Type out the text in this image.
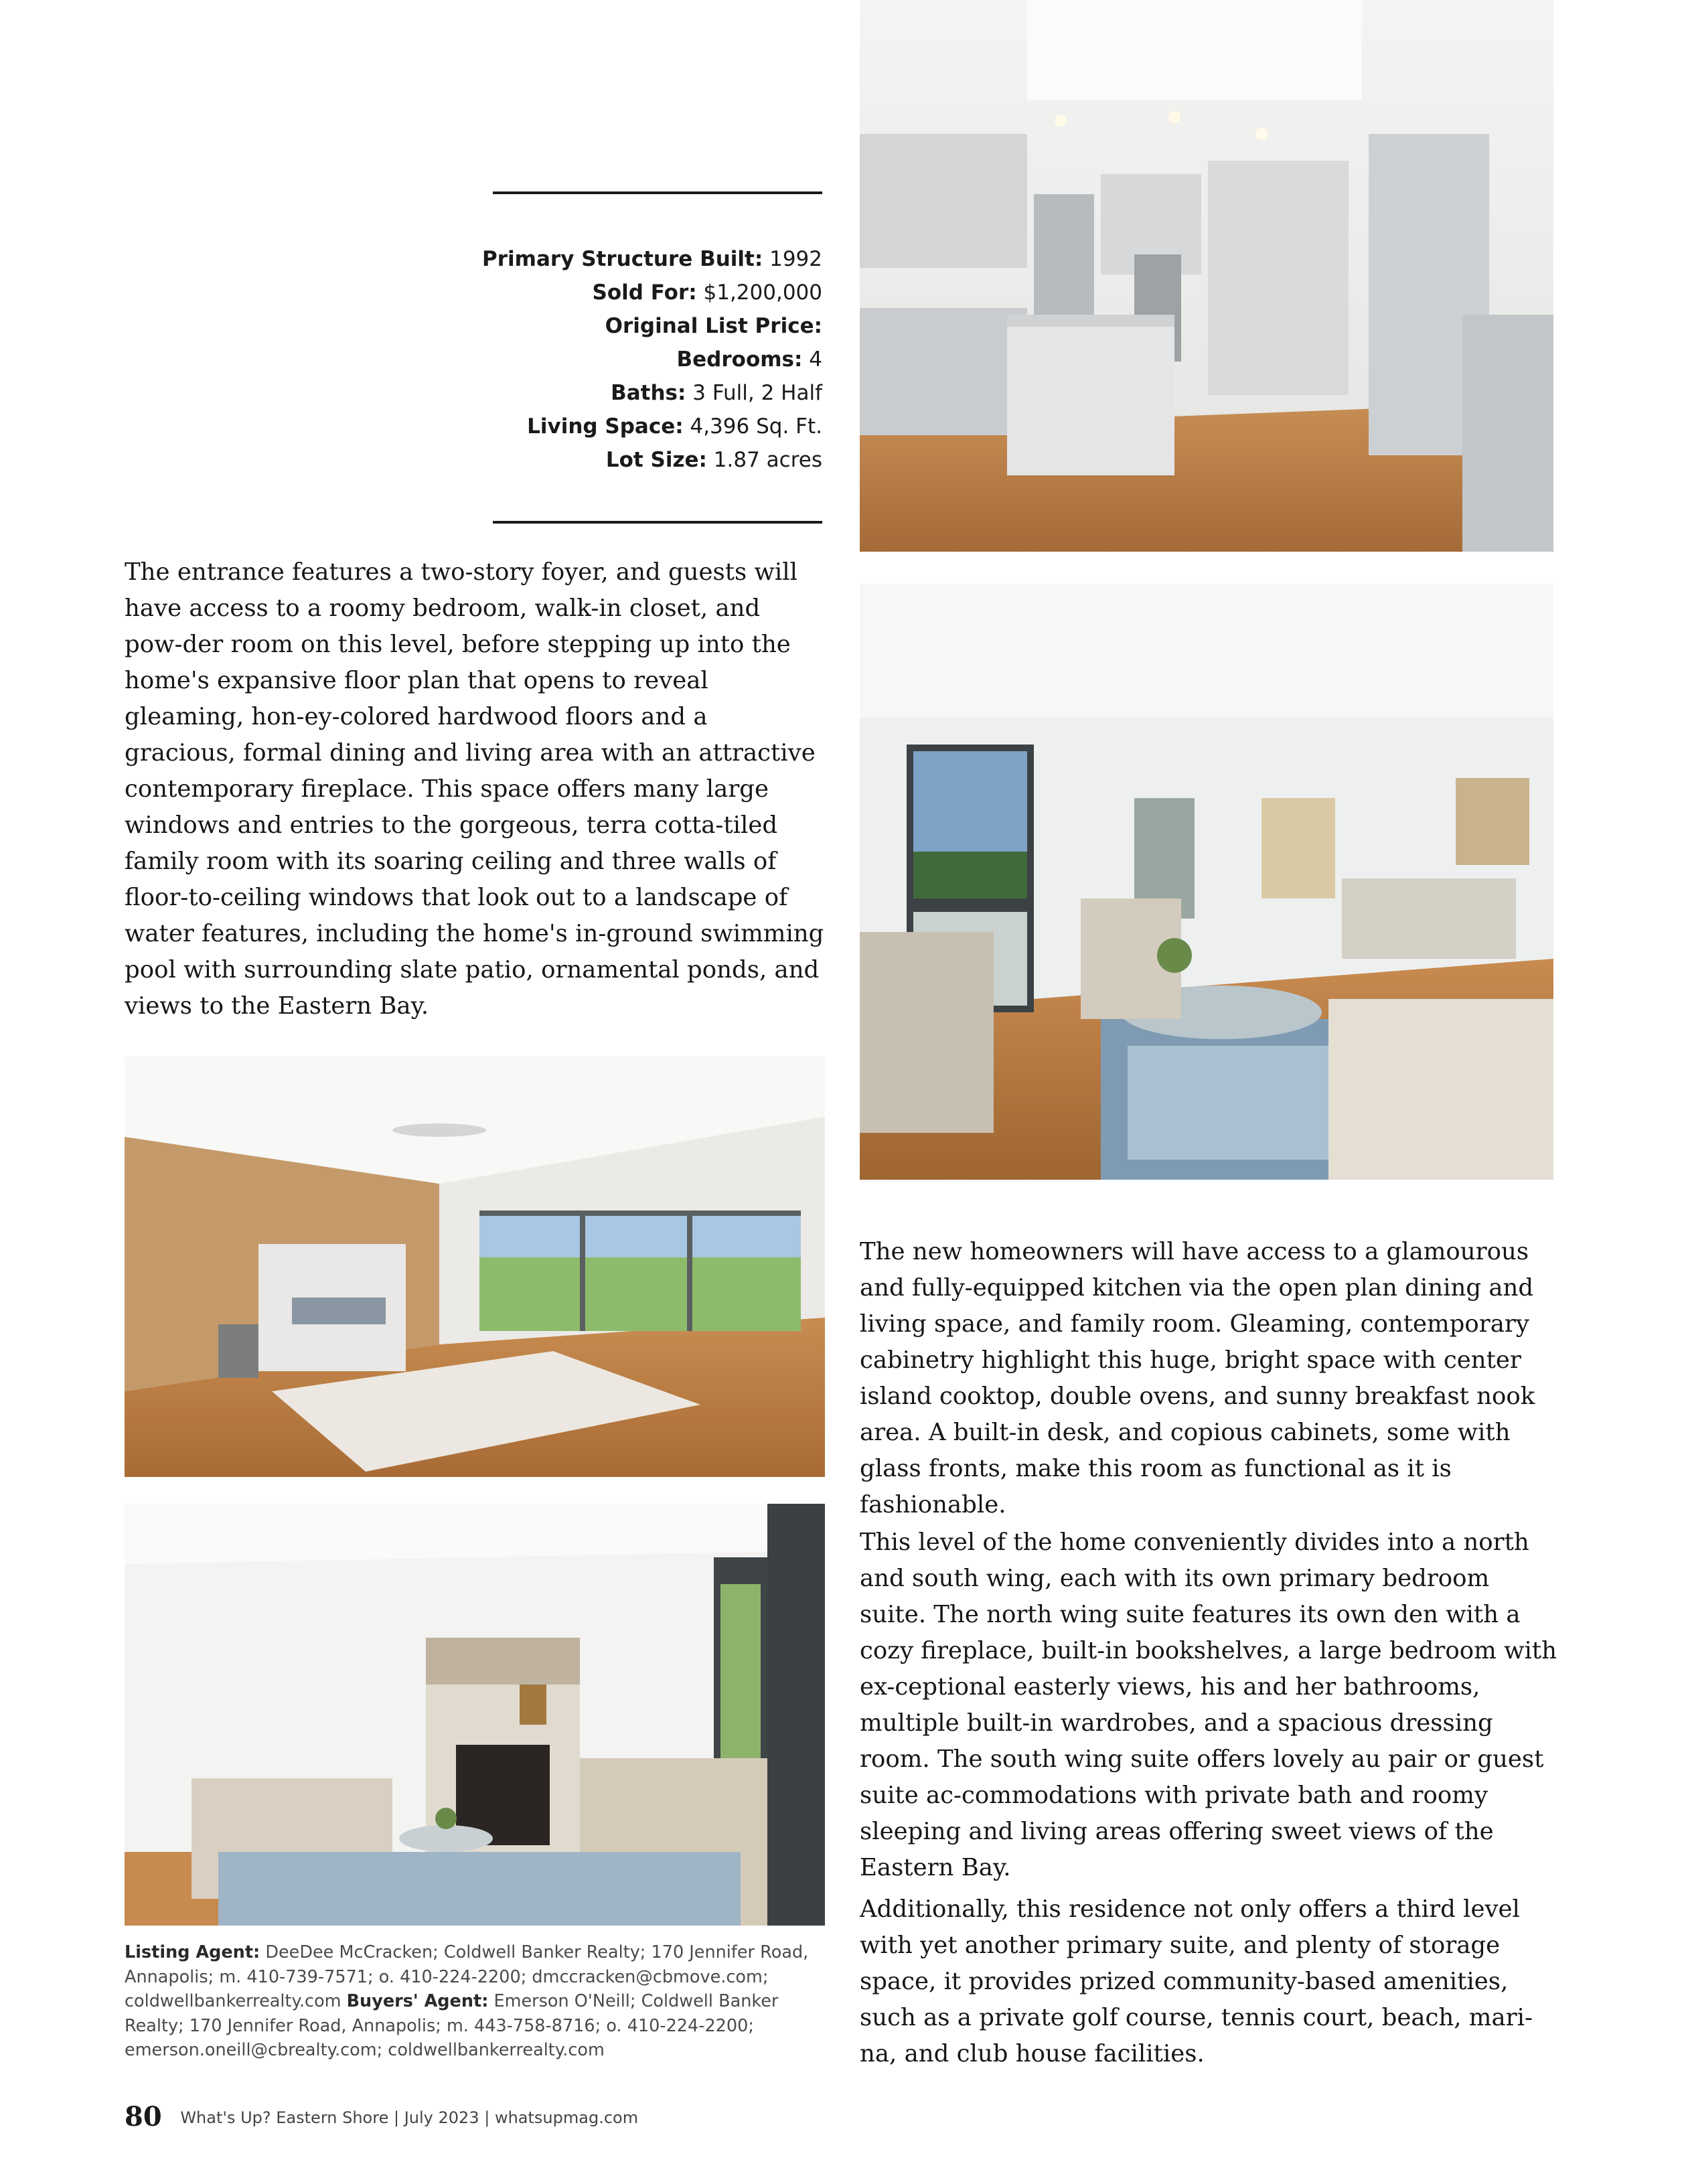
Primary Structure Built: 1992
Sold For: $1,200,000
Original List Price:
Bedrooms: 4
Baths: 3 Full, 2 Half
Living Space: 4,396 Sq. Ft.
Lot Size: 1.87 acres

The entrance features a two-story foyer, and guests will have access to a roomy bedroom, walk-in closet, and pow-der room on this level, before stepping up into the home's expansive floor plan that opens to reveal gleaming, hon-ey-colored hardwood floors and a gracious, formal dining and living area with an attractive contemporary fireplace. This space offers many large windows and entries to the gorgeous, terra cotta-tiled family room with its soaring ceiling and three walls of floor-to-ceiling windows that look out to a landscape of water features, including the home's in-ground swimming pool with surrounding slate patio, ornamental ponds, and views to the Eastern Bay.

The new homeowners will have access to a glamourous and fully-equipped kitchen via the open plan dining and living space, and family room. Gleaming, contemporary cabinetry highlight this huge, bright space with center island cooktop, double ovens, and sunny breakfast nook area. A built-in desk, and copious cabinets, some with glass fronts, make this room as functional as it is fashionable.

This level of the home conveniently divides into a north and south wing, each with its own primary bedroom suite. The north wing suite features its own den with a cozy fireplace, built-in bookshelves, a large bedroom with ex-ceptional easterly views, his and her bathrooms, multiple built-in wardrobes, and a spacious dressing room. The south wing suite offers lovely au pair or guest suite ac-commodations with private bath and roomy sleeping and living areas offering sweet views of the Eastern Bay.

Listing Agent: DeeDee McCracken; Coldwell Banker Realty; 170 Jennifer Road, Annapolis; m. 410-739-7571; o. 410-224-2200; dmccracken@cbmove.com; coldwellbankerrealty.com Buyers' Agent: Emerson O'Neill; Coldwell Banker Realty; 170 Jennifer Road, Annapolis; m. 443-758-8716; o. 410-224-2200; emerson.oneill@cbrealty.com; coldwellbankerrealty.com

Additionally, this residence not only offers a third level with yet another primary suite, and plenty of storage space, it provides prized community-based amenities, such as a private golf course, tennis court, beach, mari-na, and club house facilities.

80 What's Up? Eastern Shore | July 2023 | whatsupmag.com
